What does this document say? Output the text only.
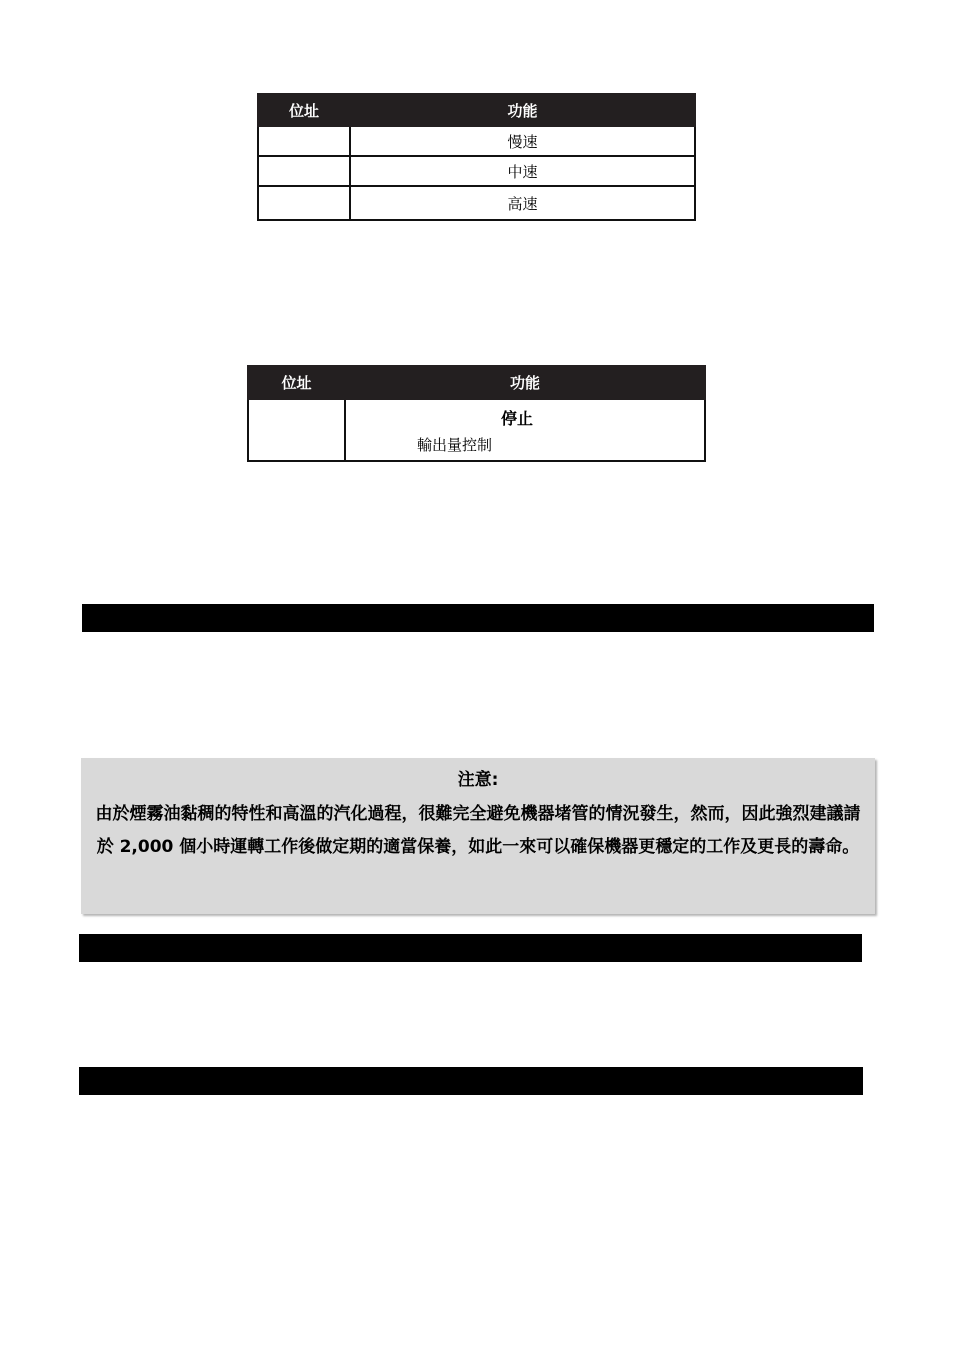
位址	功能
	慢速
	中速
	高速
位址	功能

	停止
輸出量控制
注意:
由於煙霧油黏稠的特性和高溫的汽化過程，很難完全避免機器堵管的情況發生，然而，因此強烈建議請於 2,000 個小時運轉工作後做定期的適當保養，如此一來可以確保機器更穩定的工作及更長的壽命。
